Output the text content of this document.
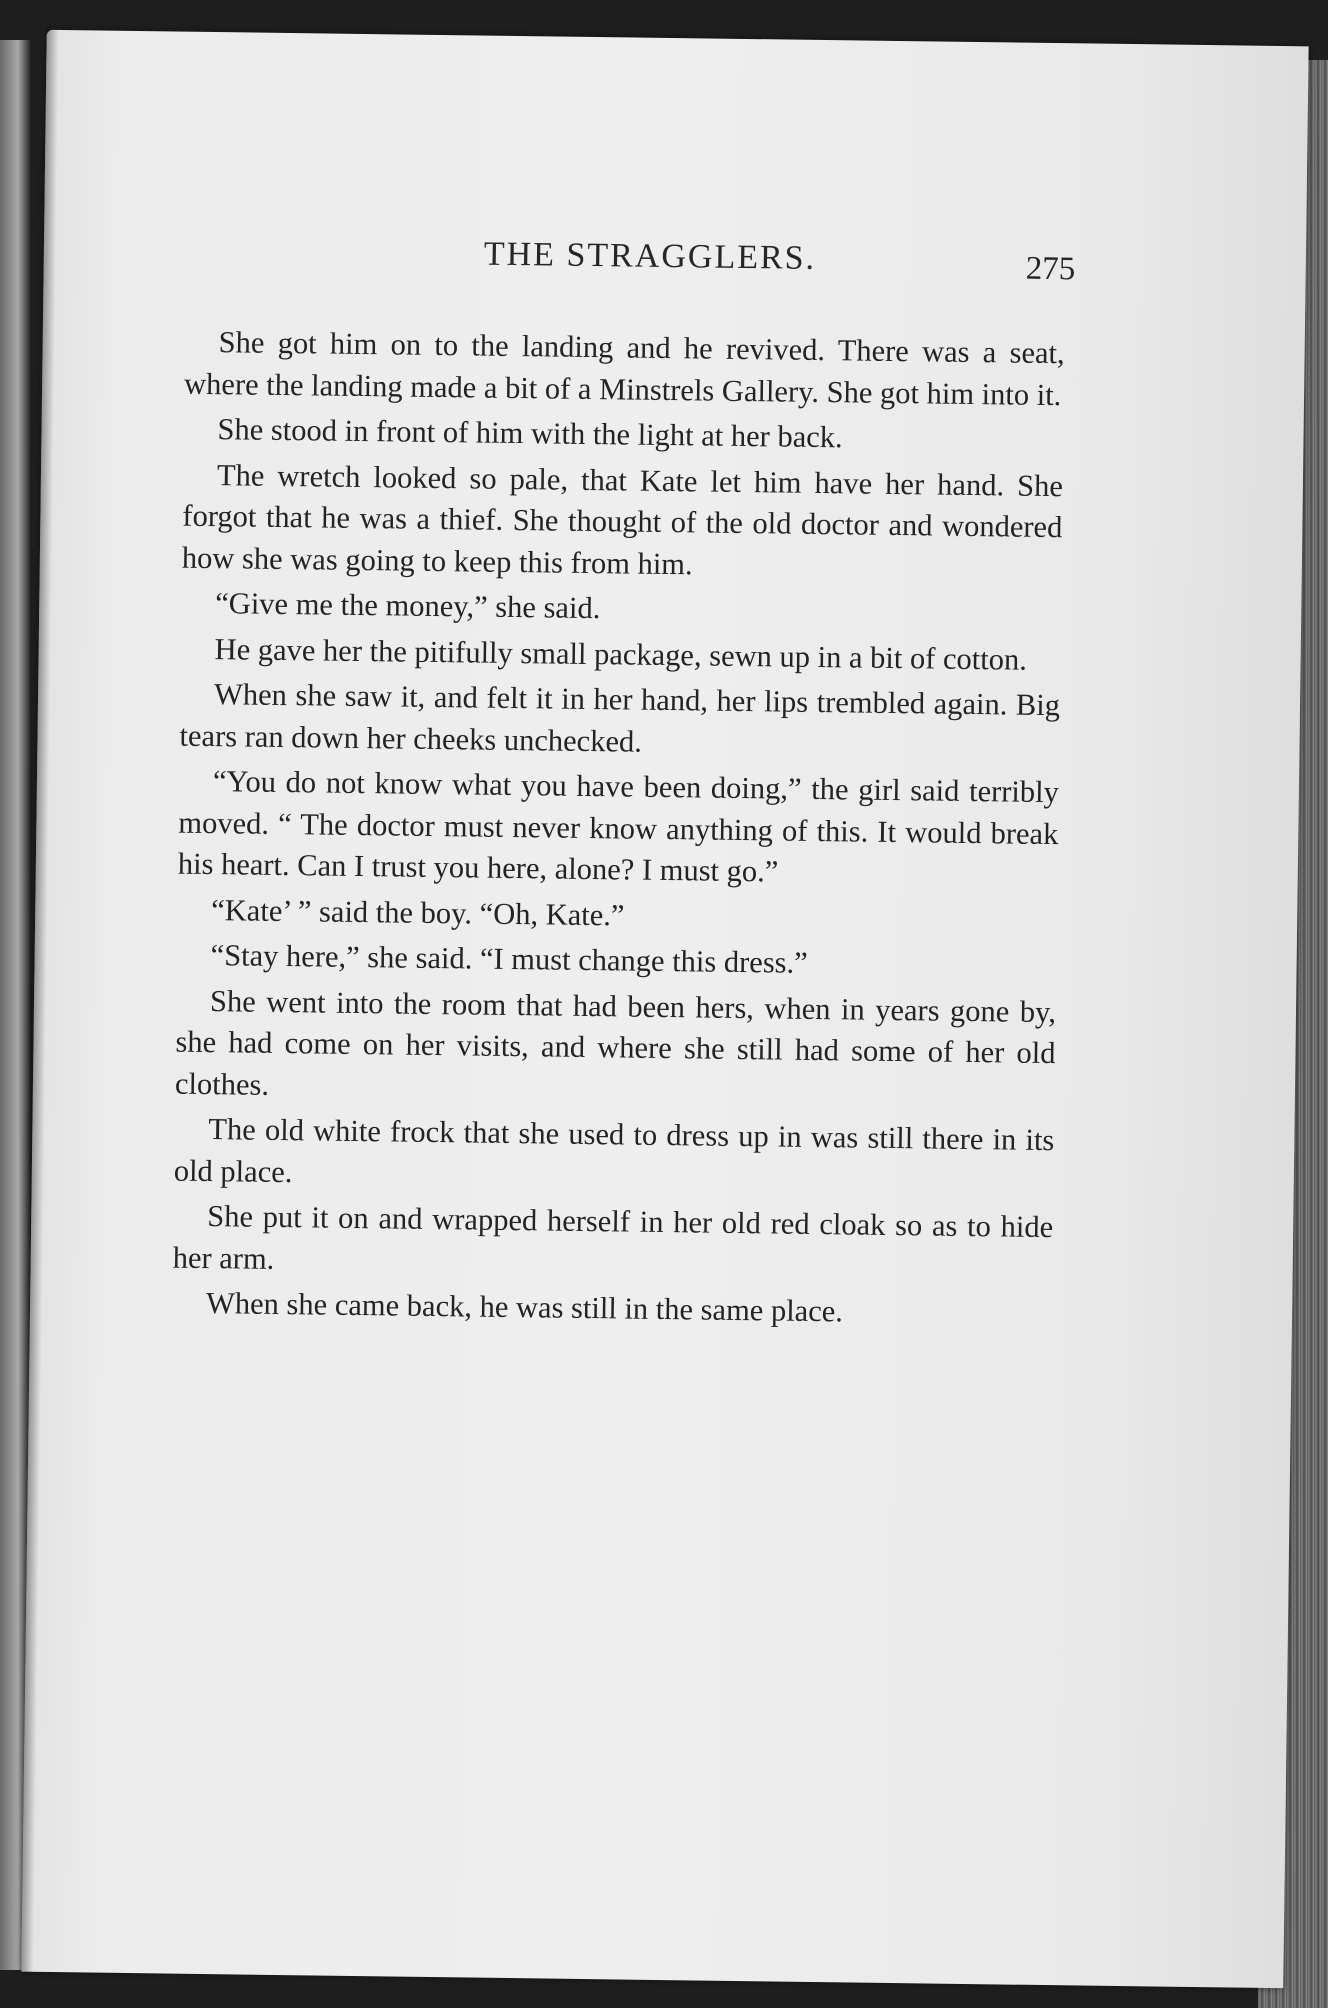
THE STRAGGLERS.	275

She got him on to the landing and he revived. There was a seat, where the landing made a bit of a Minstrels Gallery. She got him into it.

She stood in front of him with the light at her back.

The wretch looked so pale, that Kate let him have her hand. She forgot that he was a thief. She thought of the old doctor and wondered how she was going to keep this from him.

“Give me the money,” she said.

He gave her the pitifully small package, sewn up in a bit of cotton.

When she saw it, and felt it in her hand, her lips trembled again. Big tears ran down her cheeks unchecked.

“You do not know what you have been doing,” the girl said terribly moved. “ The doctor must never know anything of this. It would break his heart. Can I trust you here, alone? I must go.”

“Kate’ ” said the boy. “Oh, Kate.”

“Stay here,” she said. “I must change this dress.”

She went into the room that had been hers, when in years gone by, she had come on her visits, and where she still had some of her old clothes.

The old white frock that she used to dress up in was still there in its old place.

She put it on and wrapped herself in her old red cloak so as to hide her arm.

When she came back, he was still in the same place.
